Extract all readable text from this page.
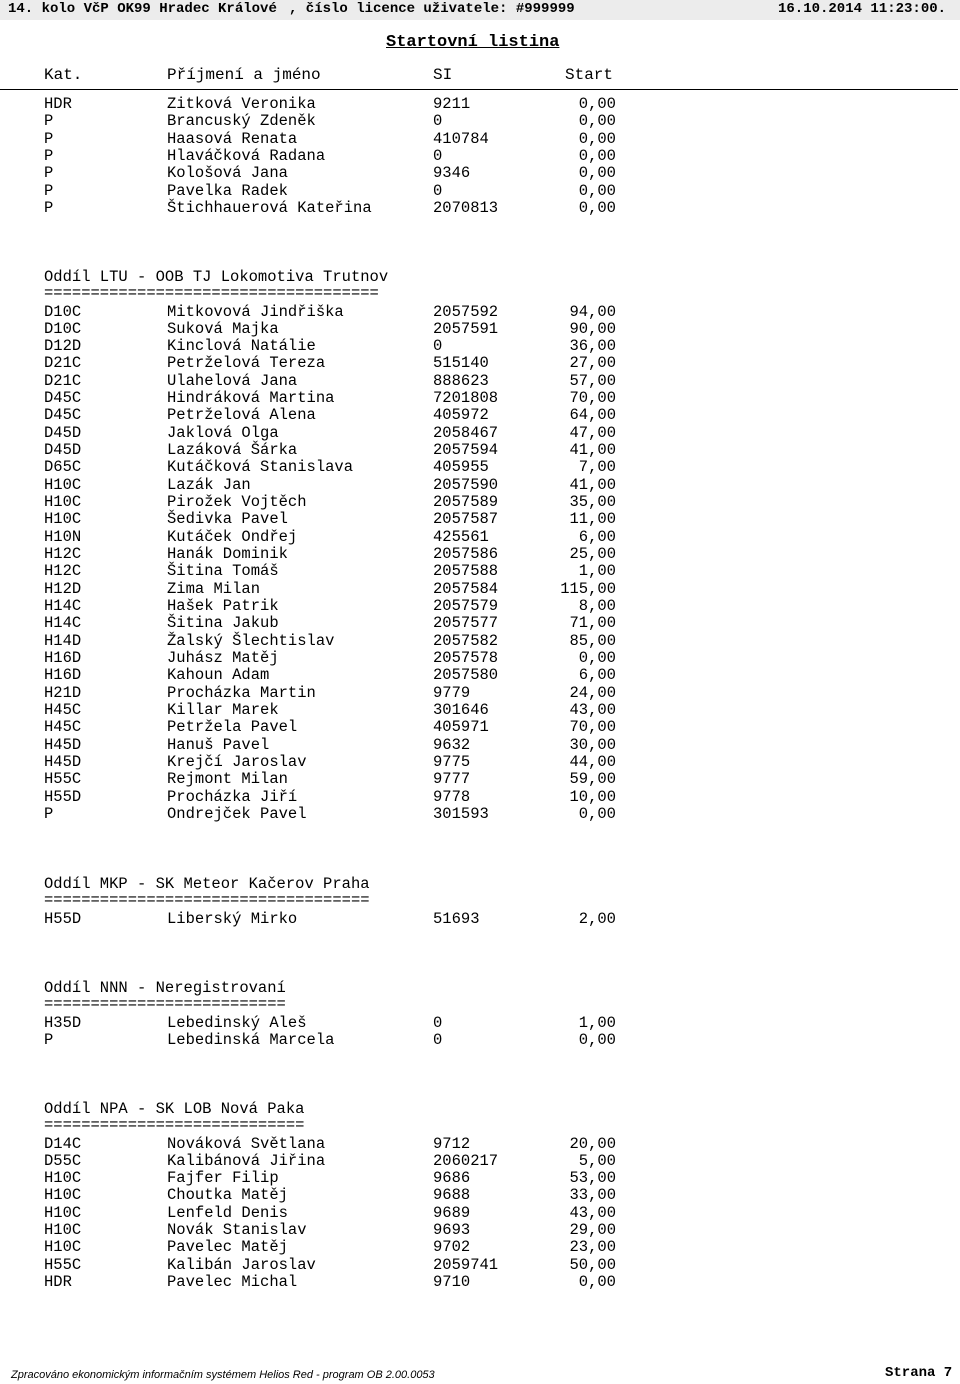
14. kolo VčP OK99 Hradec Králové , číslo licence uživatele: #999999	16.10.2014 11:23:00.
Startovní listina
Kat.	Příjmení a jméno	SI	Start
HDR	Zitková Veronika	9211	0,00
P	Brancuský Zdeněk	0	0,00
P	Haasová Renata	410784	0,00
P	Hlaváčková Radana	0	0,00
P	Kološová Jana	9346	0,00
P	Pavelka Radek	0	0,00
P	Štichhauerová Kateřina	2070813	0,00
Oddíl LTU - OOB TJ Lokomotiva Trutnov
====================================
D10C	Mitkovová Jindřiška	2057592	94,00
D10C	Suková Majka	2057591	90,00
D12D	Kinclová Natálie	0	36,00
D21C	Petrželová Tereza	515140	27,00
D21C	Ulahelová Jana	888623	57,00
D45C	Hindráková Martina	7201808	70,00
D45C	Petrželová Alena	405972	64,00
D45D	Jaklová Olga	2058467	47,00
D45D	Lazáková Šárka	2057594	41,00
D65C	Kutáčková Stanislava	405955	7,00
H10C	Lazák Jan	2057590	41,00
H10C	Pirožek Vojtěch	2057589	35,00
H10C	Šedivka Pavel	2057587	11,00
H10N	Kutáček Ondřej	425561	6,00
H12C	Hanák Dominik	2057586	25,00
H12C	Šitina Tomáš	2057588	1,00
H12D	Zima Milan	2057584	115,00
H14C	Hašek Patrik	2057579	8,00
H14C	Šitina Jakub	2057577	71,00
H14D	Žalský Šlechtislav	2057582	85,00
H16D	Juhász Matěj	2057578	0,00
H16D	Kahoun Adam	2057580	6,00
H21D	Procházka Martin	9779	24,00
H45C	Killar Marek	301646	43,00
H45C	Petržela Pavel	405971	70,00
H45D	Hanuš Pavel	9632	30,00
H45D	Krejčí Jaroslav	9775	44,00
H55C	Rejmont Milan	9777	59,00
H55D	Procházka Jiří	9778	10,00
P	Ondrejček Pavel	301593	0,00
Oddíl MKP - SK Meteor Kačerov Praha
===================================
H55D	Liberský Mirko	51693	2,00
Oddíl NNN - Neregistrovaní
==========================
H35D	Lebedinský Aleš	0	1,00
P	Lebedinská Marcela	0	0,00
Oddíl NPA - SK LOB Nová Paka
============================
D14C	Nováková Světlana	9712	20,00
D55C	Kalibánová Jiřina	2060217	5,00
H10C	Fajfer Filip	9686	53,00
H10C	Choutka Matěj	9688	33,00
H10C	Lenfeld Denis	9689	43,00
H10C	Novák Stanislav	9693	29,00
H10C	Pavelec Matěj	9702	23,00
H55C	Kalibán Jaroslav	2059741	50,00
HDR	Pavelec Michal	9710	0,00
Zpracováno ekonomickým informačním systémem Helios Red - program OB 2.00.0053	Strana 7
